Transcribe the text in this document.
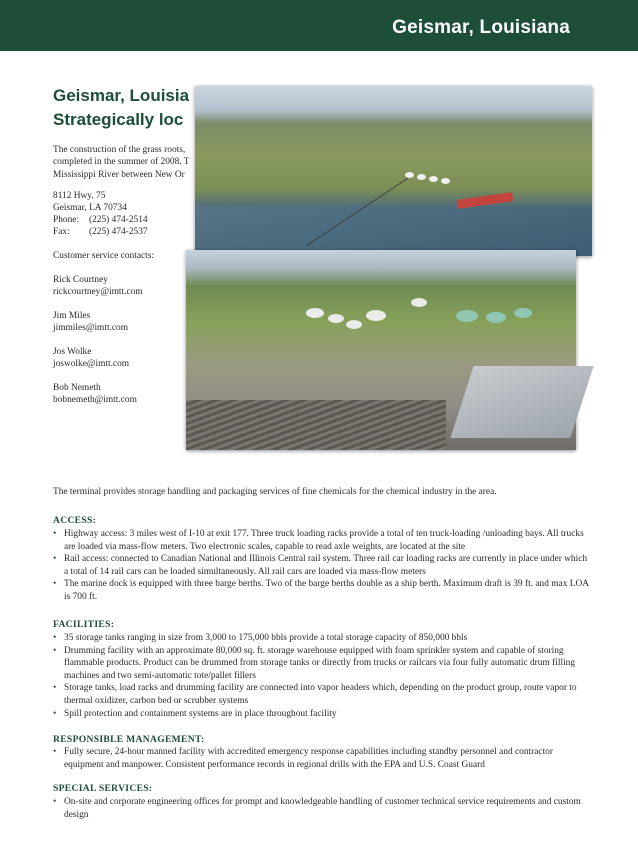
Geismar, Louisiana
Geismar, Louisia
Strategically loc
The construction of the grass roots,
completed in the summer of 2008. T
Mississippi River between New Or
8112 Hwy. 75
Geismar, LA 70734
Phone: (225) 474-2514
Fax: (225) 474-2537
Customer service contacts:
Rick Courtney
rickcourtney@imtt.com
Jim Miles
jimmiles@imtt.com
Jos Wolke
joswolke@imtt.com
Bob Nemeth
bobnemeth@imtt.com
The terminal provides storage handling and packaging services of fine chemicals for the chemical industry in the area.
ACCESS:
• Highway access: 3 miles west of I-10 at exit 177. Three truck loading racks provide a total of ten truck-loading /unloading bays. All trucks are loaded via mass-flow meters. Two electronic scales, capable to read axle weights, are located at the site
• Rail access: connected to Canadian National and Illinois Central rail system. Three rail car loading racks are currently in place under which a total of 14 rail cars can be loaded simultaneously. All rail cars are loaded via mass-flow meters
• The marine dock is equipped with three barge berths. Two of the barge berths double as a ship berth. Maximum draft is 39 ft. and max LOA is 700 ft.
FACILITIES:
• 35 storage tanks ranging in size from 3,000 to 175,000 bbls provide a total storage capacity of 850,000 bbls
• Drumming facility with an approximate 80,000 sq. ft. storage warehouse equipped with foam sprinkler system and capable of storing flammable products. Product can be drummed from storage tanks or directly from trucks or railcars via four fully automatic drum filling machines and two semi-automatic tote/pallet fillers
• Storage tanks, load racks and drumming facility are connected into vapor headers which, depending on the product group, route vapor to thermal oxidizer, carbon bed or scrubber systems
• Spill protection and containment systems are in place throughout facility
RESPONSIBLE MANAGEMENT:
• Fully secure, 24-hour manned facility with accredited emergency response capabilities including standby personnel and contractor equipment and manpower. Consistent performance records in regional drills with the EPA and U.S. Coast Guard
SPECIAL SERVICES:
• On-site and corporate engineering offices for prompt and knowledgeable handling of customer technical service requirements and custom design
